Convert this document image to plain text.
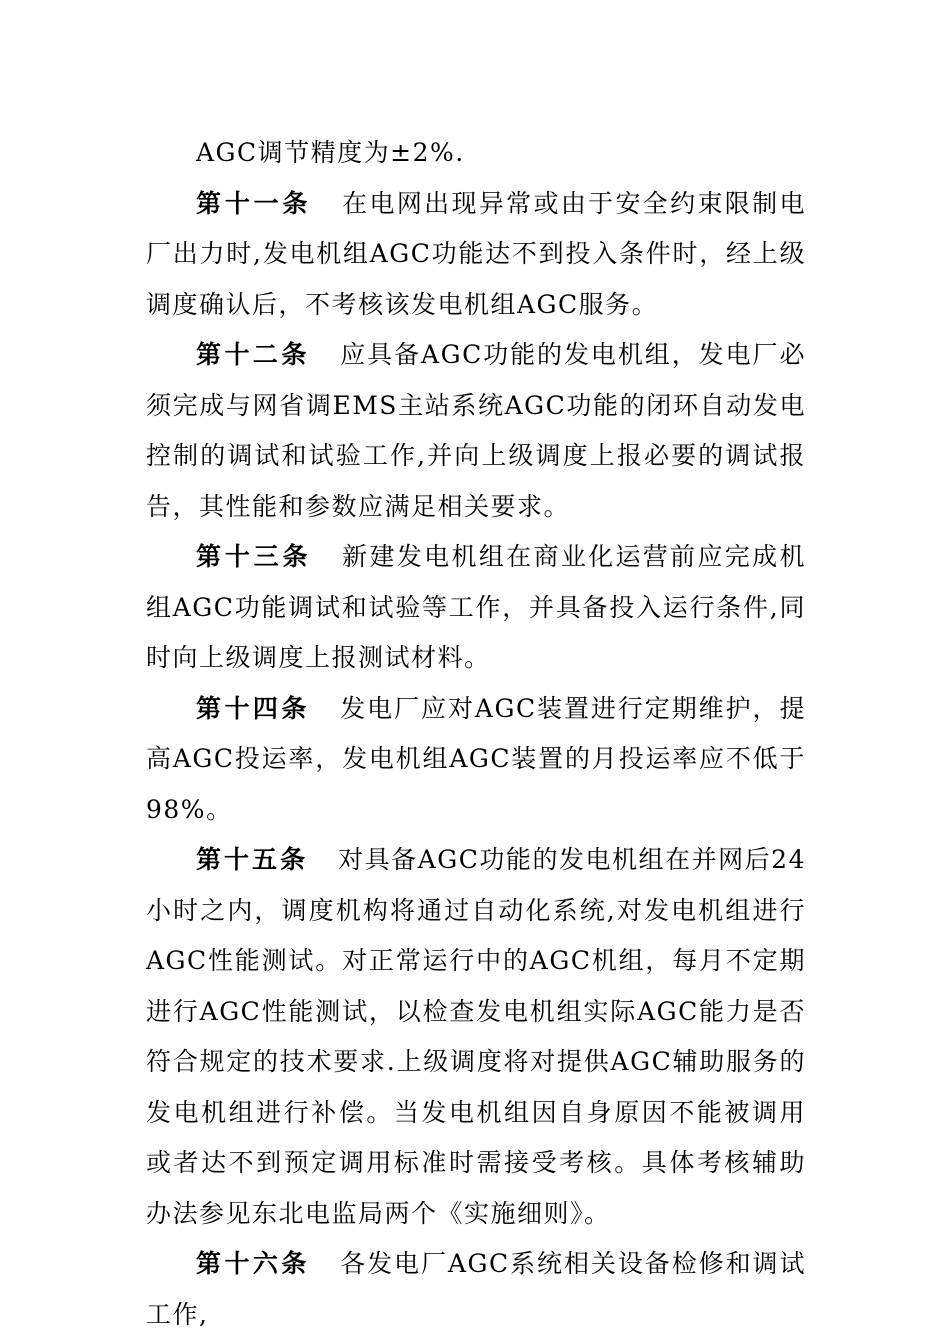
AGC调节精度为±2%.

第十一条 在电网出现异常或由于安全约束限制电厂出力时,发电机组AGC功能达不到投入条件时，经上级调度确认后，不考核该发电机组AGC服务。

第十二条 应具备AGC功能的发电机组，发电厂必须完成与网省调EMS主站系统AGC功能的闭环自动发电控制的调试和试验工作,并向上级调度上报必要的调试报告，其性能和参数应满足相关要求。

第十三条 新建发电机组在商业化运营前应完成机组AGC功能调试和试验等工作，并具备投入运行条件,同时向上级调度上报测试材料。

第十四条 发电厂应对AGC装置进行定期维护，提高AGC投运率，发电机组AGC装置的月投运率应不低于98%。

第十五条 对具备AGC功能的发电机组在并网后24小时之内，调度机构将通过自动化系统,对发电机组进行AGC性能测试。对正常运行中的AGC机组，每月不定期进行AGC性能测试，以检查发电机组实际AGC能力是否符合规定的技术要求.上级调度将对提供AGC辅助服务的发电机组进行补偿。当发电机组因自身原因不能被调用或者达不到预定调用标准时需接受考核。具体考核辅助办法参见东北电监局两个《实施细则》。

第十六条 各发电厂AGC系统相关设备检修和调试工作,
